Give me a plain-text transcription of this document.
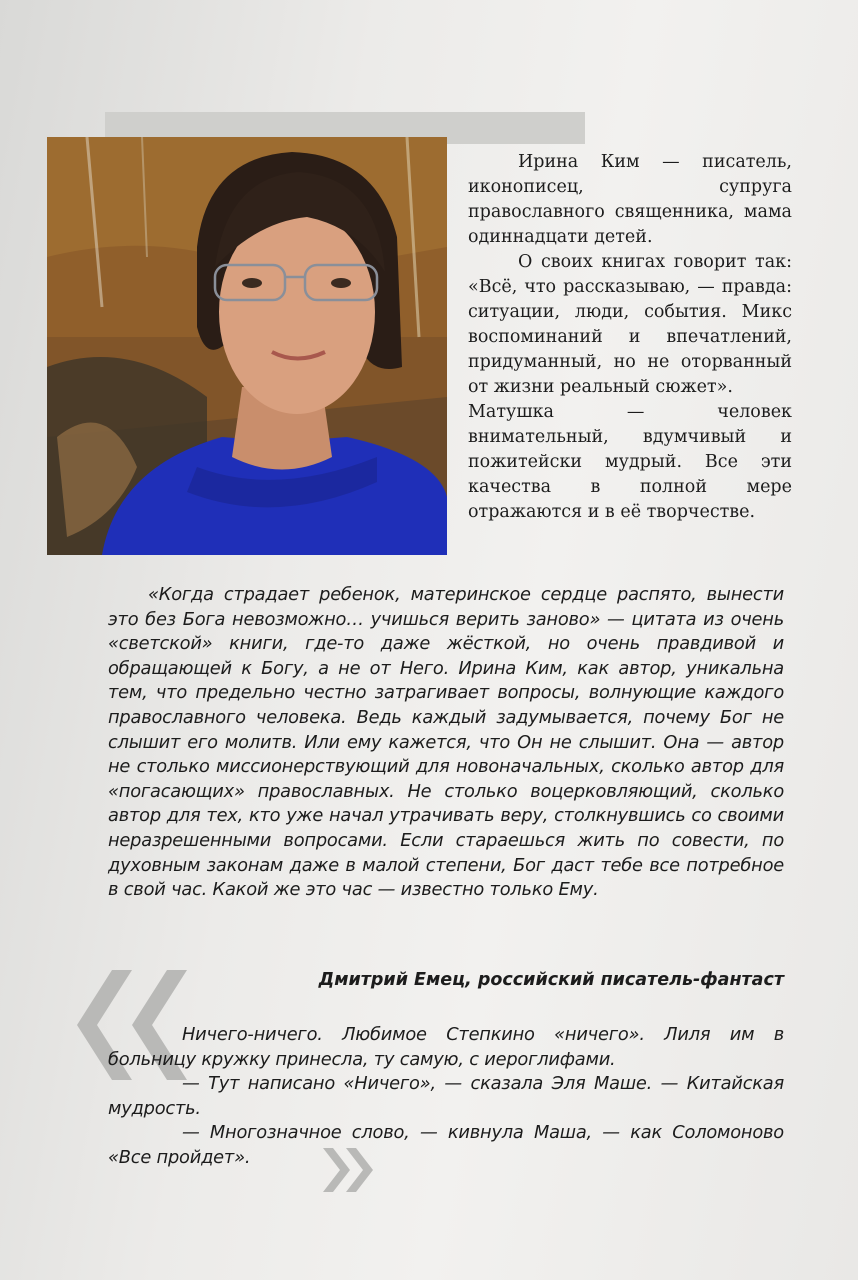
Ирина Ким — писатель, иконописец, супруга православного священника, мама одиннадцати детей.

О своих книгах говорит так: «Всё, что рассказываю, — правда: ситуации, люди, события. Микс воспоминаний и впечатлений, придуманный, но не оторванный от жизни реальный сюжет».

Матушка — человек внимательный, вдумчивый и пожитейски мудрый. Все эти качества в полной мере отражаются и в её творчестве.

«Когда страдает ребенок, материнское сердце распято, вынести это без Бога невозможно… учишься верить заново» — цитата из очень «светской» книги, где-то даже жёсткой, но очень правдивой и обращающей к Богу, а не от Него. Ирина Ким, как автор, уникальна тем, что предельно честно затрагивает вопросы, волнующие каждого православного человека. Ведь каждый задумывается, почему Бог не слышит его молитв. Или ему кажется, что Он не слышит. Она — автор не столько миссионерствующий для новоначальных, сколько автор для «погасающих» православных. Не столько воцерковляющий, сколько автор для тех, кто уже начал утрачивать веру, столкнувшись со своими неразрешенными вопросами. Если стараешься жить по совести, по духовным законам даже в малой степени, Бог даст тебе все потребное в свой час. Какой же это час — известно только Ему.

Дмитрий Емец, российский писатель-фантаст

Ничего-ничего. Любимое Степкино «ничего». Лиля им в больницу кружку принесла, ту самую, с иероглифами.

— Тут написано «Ничего», — сказала Эля Маше. — Китайская мудрость.

— Многозначное слово, — кивнула Маша, — как Соломоново «Все пройдет».
